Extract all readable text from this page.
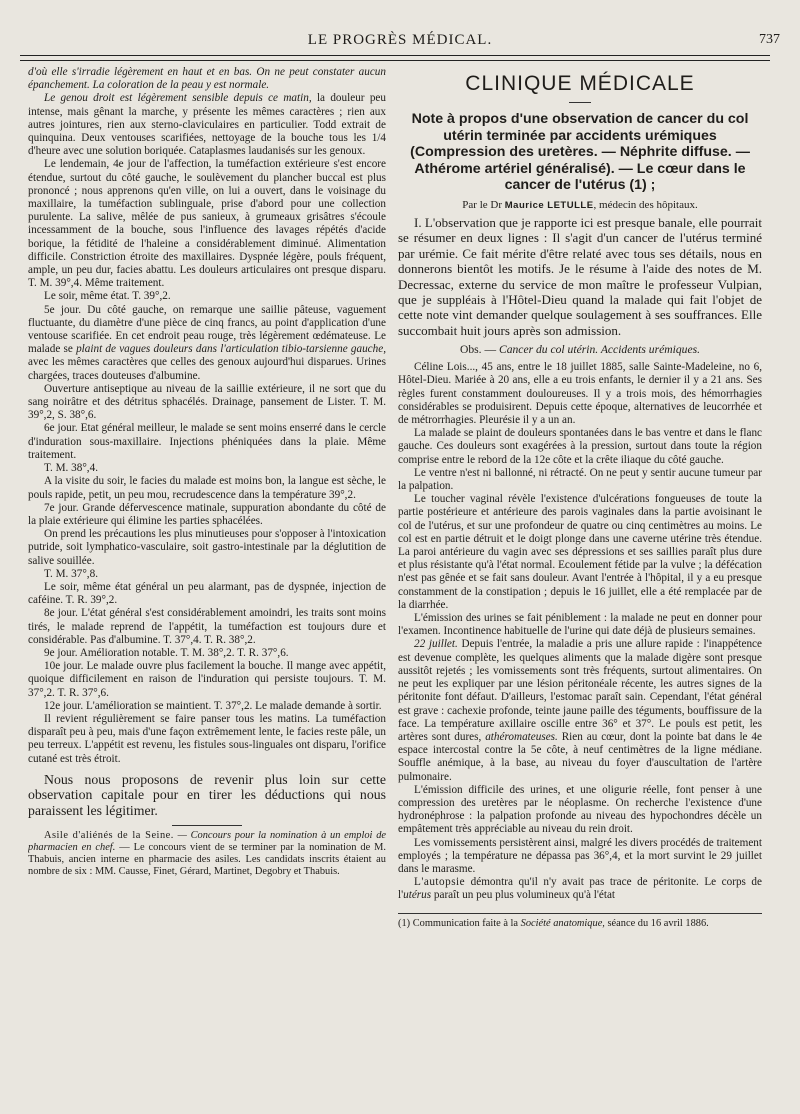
LE PROGRÈS MÉDICAL.	737

d'où elle s'irradie légèrement en haut et en bas. On ne peut constater aucun épanchement. La coloration de la peau y est normale.

Le genou droit est légèrement sensible depuis ce matin, la douleur peu intense, mais gênant la marche, y présente les mêmes caractères ; rien aux autres jointures, rien aux sterno-claviculaires en particulier. Todd extrait de quinquina. Deux ventouses scarifiées, nettoyage de la bouche tous les 1/4 d'heure avec une solution boriquée. Cataplasmes laudanisés sur les genoux.

Le lendemain, 4e jour de l'affection, la tuméfaction extérieure s'est encore étendue, surtout du côté gauche, le soulèvement du plancher buccal est plus prononcé ; nous apprenons qu'en ville, on lui a ouvert, dans le voisinage du maxillaire, la tuméfaction sublinguale, prise d'abord pour une collection purulente. La salive, mêlée de pus sanieux, à grumeaux grisâtres s'écoule incessamment de la bouche, sous l'influence des lavages répétés d'acide borique, la fétidité de l'haleine a considérablement diminué. Alimentation difficile. Constriction étroite des maxillaires. Dyspnée légère, pouls fréquent, ample, un peu dur, facies abattu. Les douleurs articulaires ont presque disparu. T. M. 39°,4. Même traitement.

Le soir, même état. T. 39°,2.

5e jour. Du côté gauche, on remarque une saillie pâteuse, vaguement fluctuante, du diamètre d'une pièce de cinq francs, au point d'application d'une ventouse scarifiée. En cet endroit peau rouge, très légèrement œdémateuse. Le malade se plaint de vagues douleurs dans l'articulation tibio-tarsienne gauche, avec les mêmes caractères que celles des genoux aujourd'hui disparues. Urines chargées, traces douteuses d'albumine.

Ouverture antiseptique au niveau de la saillie extérieure, il ne sort que du sang noirâtre et des détritus sphacélés. Drainage, pansement de Lister. T. M. 39°,2, S. 38°,6.

6e jour. Etat général meilleur, le malade se sent moins enserré dans le cercle d'induration sous-maxillaire. Injections phéniquées dans la plaie. Même traitement.

T. M. 38°,4.

A la visite du soir, le facies du malade est moins bon, la langue est sèche, le pouls rapide, petit, un peu mou, recrudescence dans la température 39°,2.

7e jour. Grande défervescence matinale, suppuration abondante du côté de la plaie extérieure qui élimine les parties sphacélées.

On prend les précautions les plus minutieuses pour s'opposer à l'intoxication putride, soit lymphatico-vasculaire, soit gastro-intestinale par la déglutition de salive souillée.

T. M. 37°,8.

Le soir, même état général un peu alarmant, pas de dyspnée, injection de caféine. T. R. 39°,2.

8e jour. L'état général s'est considérablement amoindri, les traits sont moins tirés, le malade reprend de l'appétit, la tuméfaction est toujours dure et considérable. Pas d'albumine. T. 37°,4. T. R. 38°,2.

9e jour. Amélioration notable. T. M. 38°,2. T. R. 37°,6.

10e jour. Le malade ouvre plus facilement la bouche. Il mange avec appétit, quoique difficilement en raison de l'induration qui persiste toujours. T. M. 37°,2. T. R. 37°,6.

12e jour. L'amélioration se maintient. T. 37°,2. Le malade demande à sortir.

Il revient régulièrement se faire panser tous les matins. La tuméfaction disparaît peu à peu, mais d'une façon extrêmement lente, le facies reste pâle, un peu terreux. L'appétit est revenu, les fistules sous-linguales ont disparu, l'orifice cutané est très étroit.

Nous nous proposons de revenir plus loin sur cette observation capitale pour en tirer les déductions qui nous paraissent les légitimer.

Asile d'aliénés de la Seine. — Concours pour la nomination à un emploi de pharmacien en chef. — Le concours vient de se terminer par la nomination de M. Thabuis, ancien interne en pharmacie des asiles. Les candidats inscrits étaient au nombre de six : MM. Causse, Finet, Gérard, Martinet, Degobry et Thabuis.

CLINIQUE MÉDICALE
Note à propos d'une observation de cancer du col utérin terminée par accidents urémiques (Compression des uretères. — Néphrite diffuse. — Athérome artériel généralisé). — Le cœur dans le cancer de l'utérus (1) ;
Par le Dr Maurice LETULLE, médecin des hôpitaux.

I. L'observation que je rapporte ici est presque banale, elle pourrait se résumer en deux lignes : Il s'agit d'un cancer de l'utérus terminé par urémie. Ce fait mérite d'être relaté avec tous ses détails, nous en donnerons bientôt les motifs. Je le résume à l'aide des notes de M. Decressac, externe du service de mon maître le professeur Vulpian, que je suppléais à l'Hôtel-Dieu quand la malade qui fait l'objet de cette note vint demander quelque soulagement à ses souffrances. Elle succombait huit jours après son admission.

Obs. — Cancer du col utérin. Accidents urémiques.

Céline Lois..., 45 ans, entre le 18 juillet 1885, salle Sainte-Madeleine, no 6, Hôtel-Dieu. Mariée à 20 ans, elle a eu trois enfants, le dernier il y a 21 ans. Ses règles furent constamment douloureuses. Il y a trois mois, des hémorrhagies considérables se produisirent. Depuis cette époque, alternatives de leucorrhée et de métrorrhagies. Pleurésie il y a un an.

La malade se plaint de douleurs spontanées dans le bas ventre et dans le flanc gauche. Ces douleurs sont exagérées à la pression, surtout dans toute la région comprise entre le rebord de la 12e côte et la crête iliaque du côté gauche.

Le ventre n'est ni ballonné, ni rétracté. On ne peut y sentir aucune tumeur par la palpation.

Le toucher vaginal révèle l'existence d'ulcérations fongueuses de toute la partie postérieure et antérieure des parois vaginales dans la partie avoisinant le col de l'utérus, et sur une profondeur de quatre ou cinq centimètres au moins. Le col est en partie détruit et le doigt plonge dans une caverne utérine très étendue. La paroi antérieure du vagin avec ses dépressions et ses saillies paraît plus dure et plus résistante qu'à l'état normal. Ecoulement fétide par la vulve ; la défécation n'est pas gênée et se fait sans douleur. Avant l'entrée à l'hôpital, il y a eu presque constamment de la constipation ; depuis le 16 juillet, elle a été remplacée par de la diarrhée.

L'émission des urines se fait péniblement : la malade ne peut en donner pour l'examen. Incontinence habituelle de l'urine qui date déjà de plusieurs semaines.

22 juillet. Depuis l'entrée, la maladie a pris une allure rapide : l'inappétence est devenue complète, les quelques aliments que la malade digère sont presque aussitôt rejetés ; les vomissements sont très fréquents, surtout alimentaires. On ne peut les expliquer par une lésion péritonéale récente, les autres signes de la péritonite font défaut. D'ailleurs, l'estomac paraît sain. Cependant, l'état général est grave : cachexie profonde, teinte jaune paille des téguments, bouffissure de la face. La température axillaire oscille entre 36° et 37°. Le pouls est petit, les artères sont dures, athéromateuses. Rien au cœur, dont la pointe bat dans le 4e espace intercostal contre la 5e côte, à neuf centimètres de la ligne médiane. Souffle anémique, à la base, au niveau du foyer d'auscultation de l'artère pulmonaire.

L'émission difficile des urines, et une oligurie réelle, font penser à une compression des uretères par le néoplasme. On recherche l'existence d'une hydronéphrose : la palpation profonde au niveau des hypochondres décèle un empâtement très appréciable au niveau du rein droit.

Les vomissements persistèrent ainsi, malgré les divers procédés de traitement employés ; la température ne dépassa pas 36°,4, et la mort survint le 29 juillet dans le marasme.

L'autopsie démontra qu'il n'y avait pas trace de péritonite. Le corps de l'utérus paraît un peu plus volumineux qu'à l'état

(1) Communication faite à la Société anatomique, séance du 16 avril 1886.
